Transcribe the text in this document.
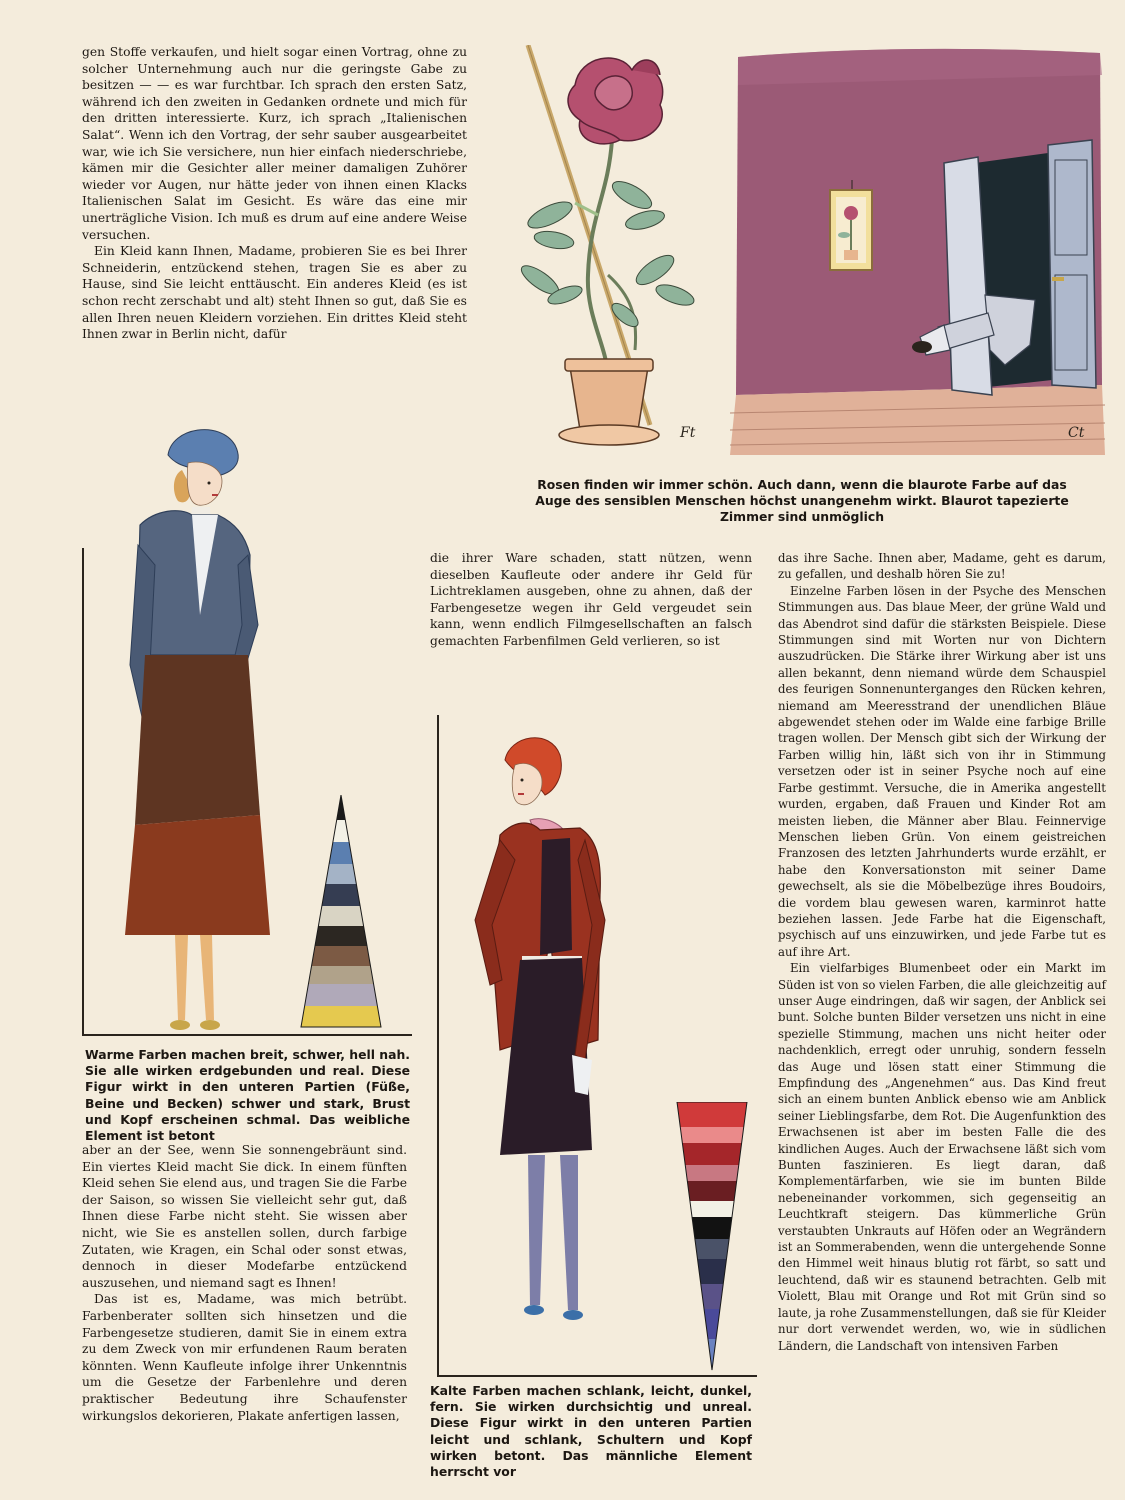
gen Stoffe verkaufen, und hielt sogar einen Vortrag, ohne zu solcher Unternehmung auch nur die geringste Gabe zu besitzen — — es war furchtbar. Ich sprach den ersten Satz, während ich den zweiten in Gedanken ordnete und mich für den dritten interessierte. Kurz, ich sprach „Italienischen Salat“. Wenn ich den Vortrag, der sehr sauber ausgearbeitet war, wie ich Sie versichere, nun hier einfach niederschriebe, kämen mir die Gesichter aller meiner damaligen Zuhörer wieder vor Augen, nur hätte jeder von ihnen einen Klacks Italienischen Salat im Gesicht. Es wäre das eine mir unerträgliche Vision. Ich muß es drum auf eine andere Weise versuchen.

Ein Kleid kann Ihnen, Madame, probieren Sie es bei Ihrer Schneiderin, entzückend stehen, tragen Sie es aber zu Hause, sind Sie leicht enttäuscht. Ein anderes Kleid (es ist schon recht zerschabt und alt) steht Ihnen so gut, daß Sie es allen Ihren neuen Kleidern vorziehen. Ein drittes Kleid steht Ihnen zwar in Berlin nicht, dafür

aber an der See, wenn Sie sonnengebräunt sind. Ein viertes Kleid macht Sie dick. In einem fünften Kleid sehen Sie elend aus, und tragen Sie die Farbe der Saison, so wissen Sie vielleicht sehr gut, daß Ihnen diese Farbe nicht steht. Sie wissen aber nicht, wie Sie es anstellen sollen, durch farbige Zutaten, wie Kragen, ein Schal oder sonst etwas, dennoch in dieser Modefarbe entzückend auszusehen, und niemand sagt es Ihnen!

Das ist es, Madame, was mich betrübt. Farbenberater sollten sich hinsetzen und die Farbengesetze studieren, damit Sie in einem extra zu dem Zweck von mir erfundenen Raum beraten könnten. Wenn Kaufleute infolge ihrer Unkenntnis um die Gesetze der Farbenlehre und deren praktischer Bedeutung ihre Schaufenster wirkungslos dekorieren, Plakate anfertigen lassen,

die ihrer Ware schaden, statt nützen, wenn dieselben Kaufleute oder andere ihr Geld für Lichtreklamen ausgeben, ohne zu ahnen, daß der Farbengesetze wegen ihr Geld vergeudet sein kann, wenn endlich Filmgesellschaften an falsch gemachten Farbenfilmen Geld verlieren, so ist

das ihre Sache. Ihnen aber, Madame, geht es darum, zu gefallen, und deshalb hören Sie zu!

Einzelne Farben lösen in der Psyche des Menschen Stimmungen aus. Das blaue Meer, der grüne Wald und das Abendrot sind dafür die stärksten Beispiele. Diese Stimmungen sind mit Worten nur von Dichtern auszudrücken. Die Stärke ihrer Wirkung aber ist uns allen bekannt, denn niemand würde dem Schauspiel des feurigen Sonnenunterganges den Rücken kehren, niemand am Meeresstrand der unendlichen Bläue abgewendet stehen oder im Walde eine farbige Brille tragen wollen. Der Mensch gibt sich der Wirkung der Farben willig hin, läßt sich von ihr in Stimmung versetzen oder ist in seiner Psyche noch auf eine Farbe gestimmt. Versuche, die in Amerika angestellt wurden, ergaben, daß Frauen und Kinder Rot am meisten lieben, die Männer aber Blau. Feinnervige Menschen lieben Grün. Von einem geistreichen Franzosen des letzten Jahrhunderts wurde erzählt, er habe den Konversationston mit seiner Dame gewechselt, als sie die Möbelbezüge ihres Boudoirs, die vordem blau gewesen waren, karminrot hatte beziehen lassen. Jede Farbe hat die Eigenschaft, psychisch auf uns einzuwirken, und jede Farbe tut es auf ihre Art.

Ein vielfarbiges Blumenbeet oder ein Markt im Süden ist von so vielen Farben, die alle gleichzeitig auf unser Auge eindringen, daß wir sagen, der Anblick sei bunt. Solche bunten Bilder versetzen uns nicht in eine spezielle Stimmung, machen uns nicht heiter oder nachdenklich, erregt oder unruhig, sondern fesseln das Auge und lösen statt einer Stimmung die Empfindung des „Angenehmen“ aus. Das Kind freut sich an einem bunten Anblick ebenso wie am Anblick seiner Lieblingsfarbe, dem Rot. Die Augenfunktion des Erwachsenen ist aber im besten Falle die des kindlichen Auges. Auch der Erwachsene läßt sich vom Bunten faszinieren. Es liegt daran, daß Komplementärfarben, wie sie im bunten Bilde nebeneinander vorkommen, sich gegenseitig an Leuchtkraft steigern. Das kümmerliche Grün verstaubten Unkrauts auf Höfen oder an Wegrändern ist an Sommerabenden, wenn die untergehende Sonne den Himmel weit hinaus blutig rot färbt, so satt und leuchtend, daß wir es staunend betrachten. Gelb mit Violett, Blau mit Orange und Rot mit Grün sind so laute, ja rohe Zusammenstellungen, daß sie für Kleider nur dort verwendet werden, wo, wie in südlichen Ländern, die Landschaft von intensiven Farben

Rosen finden wir immer schön. Auch dann, wenn die blaurote Farbe auf das Auge des sensiblen Menschen höchst unangenehm wirkt. Blaurot tapezierte Zimmer sind unmöglich
Warme Farben machen breit, schwer, hell nah. Sie alle wirken erdgebunden und real. Diese Figur wirkt in den unteren Partien (Füße, Beine und Becken) schwer und stark, Brust und Kopf erscheinen schmal. Das weibliche Element ist betont
Kalte Farben machen schlank, leicht, dunkel, fern. Sie wirken durchsichtig und unreal. Diese Figur wirkt in den unteren Partien leicht und schlank, Schultern und Kopf wirken betont. Das männliche Element herrscht vor
Ft	Ct
